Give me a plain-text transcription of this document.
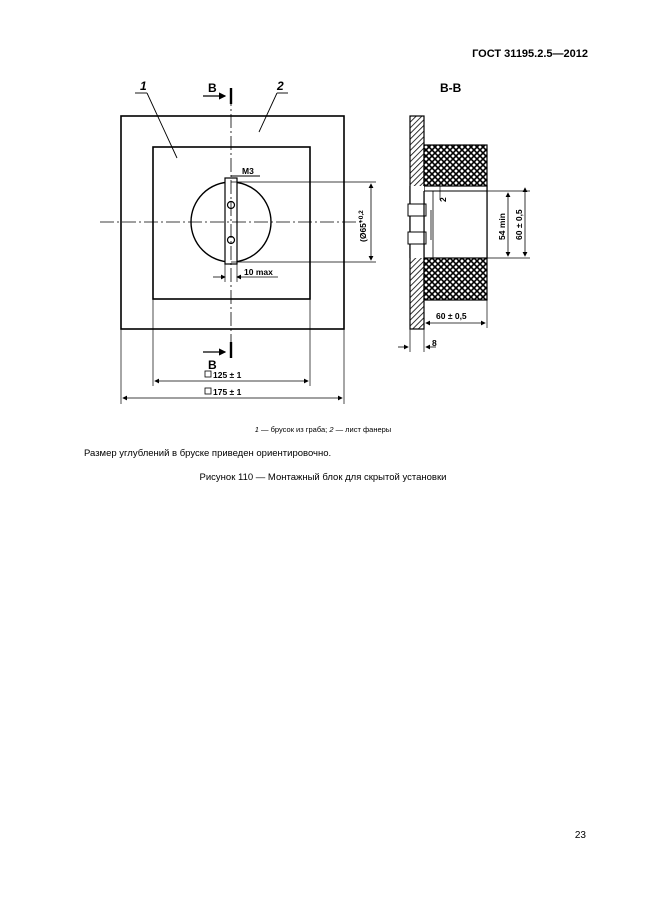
ГОСТ 31195.2.5—2012
В
В
1	2
М3
10 max
($Ø65^{+0,2}$
125 ± 1
175 ± 1
В-В
2
54 min 60 ± 0,5
60 ± 0,5
8
1 — брусок из граба; 2 — лист фанеры
Размер углублений в бруске приведен ориентировочно.
Рисунок 110 — Монтажный блок для скрытой установки
23
